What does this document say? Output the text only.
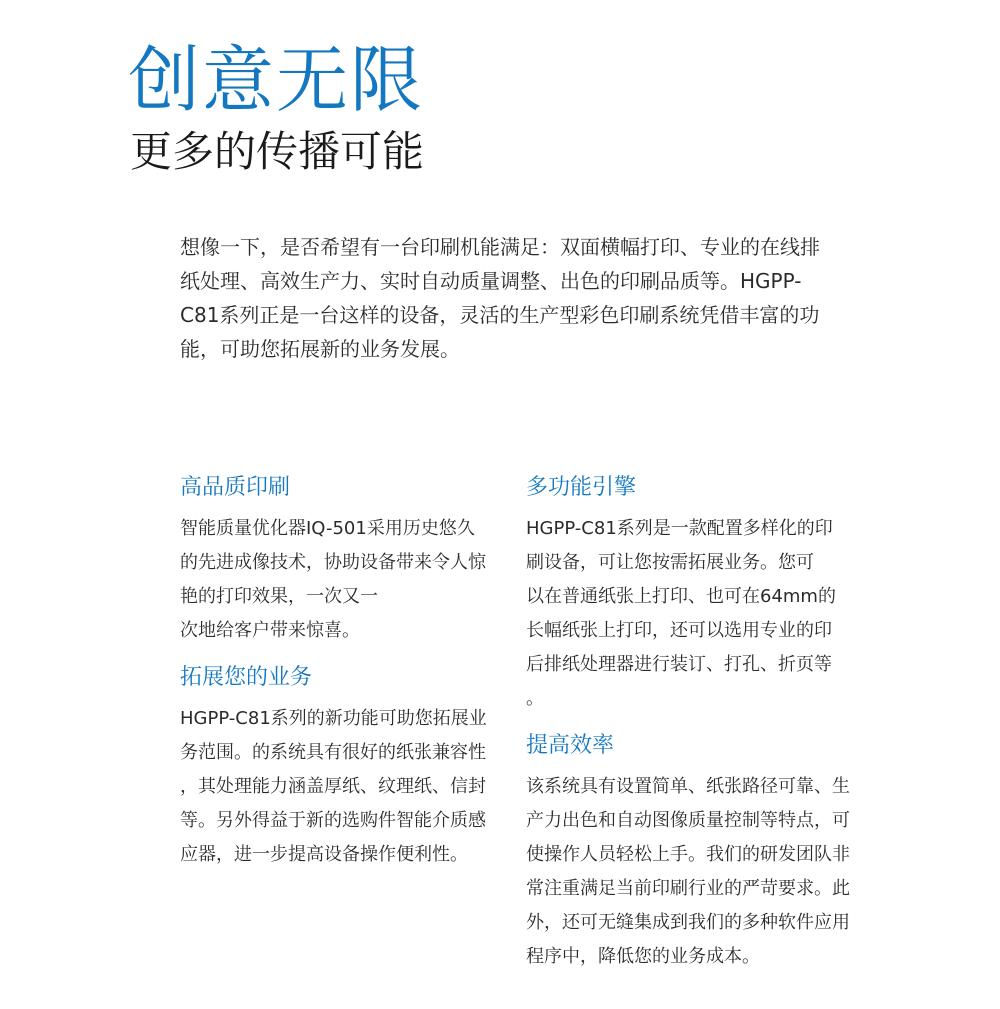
创意无限
更多的传播可能
想像一下，是否希望有一台印刷机能满足：双面横幅打印、专业的在线排
纸处理、高效生产力、实时自动质量调整、出色的印刷品质等。HGPP-
C81系列正是一台这样的设备，灵活的生产型彩色印刷系统凭借丰富的功
能，可助您拓展新的业务发展。
高品质印刷
智能质量优化器IQ-501采用历史悠久
的先进成像技术，协助设备带来令人惊
艳的打印效果，一次又一
次地给客户带来惊喜。
拓展您的业务
HGPP-C81系列的新功能可助您拓展业
务范围。的系统具有很好的纸张兼容性
，其处理能力涵盖厚纸、纹理纸、信封
等。另外得益于新的选购件智能介质感
应器，进一步提高设备操作便利性。
多功能引擎
HGPP-C81系列是一款配置多样化的印
刷设备，可让您按需拓展业务。您可
以在普通纸张上打印、也可在64mm的
长幅纸张上打印，还可以选用专业的印
后排纸处理器进行装订、打孔、折页等
。
提高效率
该系统具有设置简单、纸张路径可靠、生
产力出色和自动图像质量控制等特点，可
使操作人员轻松上手。我们的研发团队非
常注重满足当前印刷行业的严苛要求。此
外，还可无缝集成到我们的多种软件应用
程序中，降低您的业务成本。
